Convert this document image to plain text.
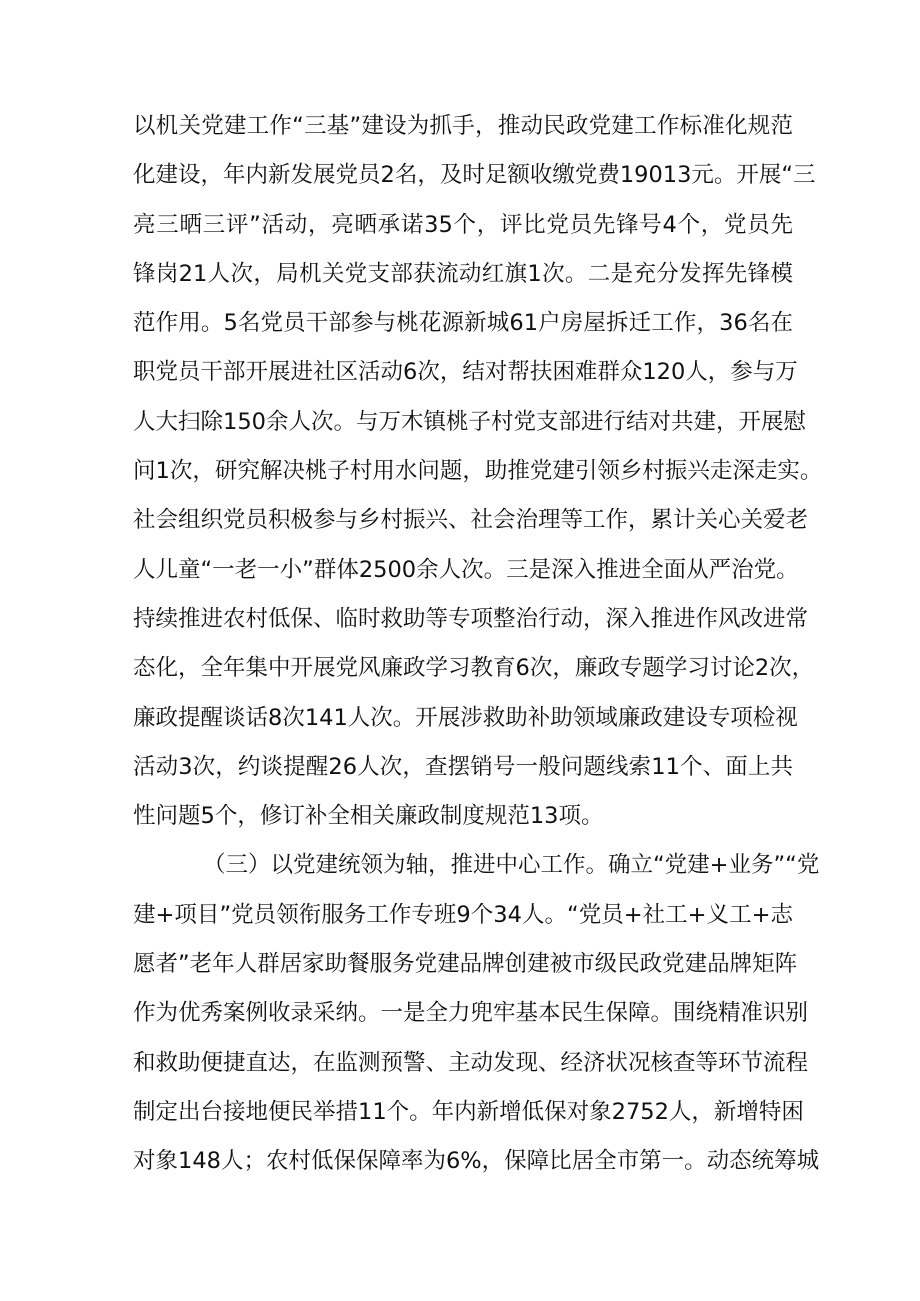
以机关党建工作“三基”建设为抓手，推动民政党建工作标准化规范
化建设，年内新发展党员2名，及时足额收缴党费19013元。开展“三
亮三晒三评”活动，亮晒承诺35个，评比党员先锋号4个，党员先
锋岗21人次，局机关党支部获流动红旗1次。二是充分发挥先锋模
范作用。5名党员干部参与桃花源新城61户房屋拆迁工作，36名在
职党员干部开展进社区活动6次，结对帮扶困难群众120人，参与万
人大扫除150余人次。与万木镇桃子村党支部进行结对共建，开展慰
问1次，研究解决桃子村用水问题，助推党建引领乡村振兴走深走实。
社会组织党员积极参与乡村振兴、社会治理等工作，累计关心关爱老
人儿童“一老一小”群体2500余人次。三是深入推进全面从严治党。
持续推进农村低保、临时救助等专项整治行动，深入推进作风改进常
态化，全年集中开展党风廉政学习教育6次，廉政专题学习讨论2次，
廉政提醒谈话8次141人次。开展涉救助补助领域廉政建设专项检视
活动3次，约谈提醒26人次，查摆销号一般问题线索11个、面上共
性问题5个，修订补全相关廉政制度规范13项。
（三）以党建统领为轴，推进中心工作。确立“党建+业务”“党
建+项目”党员领衔服务工作专班9个34人。“党员+社工+义工+志
愿者”老年人群居家助餐服务党建品牌创建被市级民政党建品牌矩阵
作为优秀案例收录采纳。一是全力兜牢基本民生保障。围绕精准识别
和救助便捷直达，在监测预警、主动发现、经济状况核查等环节流程
制定出台接地便民举措11个。年内新增低保对象2752人，新增特困
对象148人；农村低保保障率为6%，保障比居全市第一。动态统筹城
